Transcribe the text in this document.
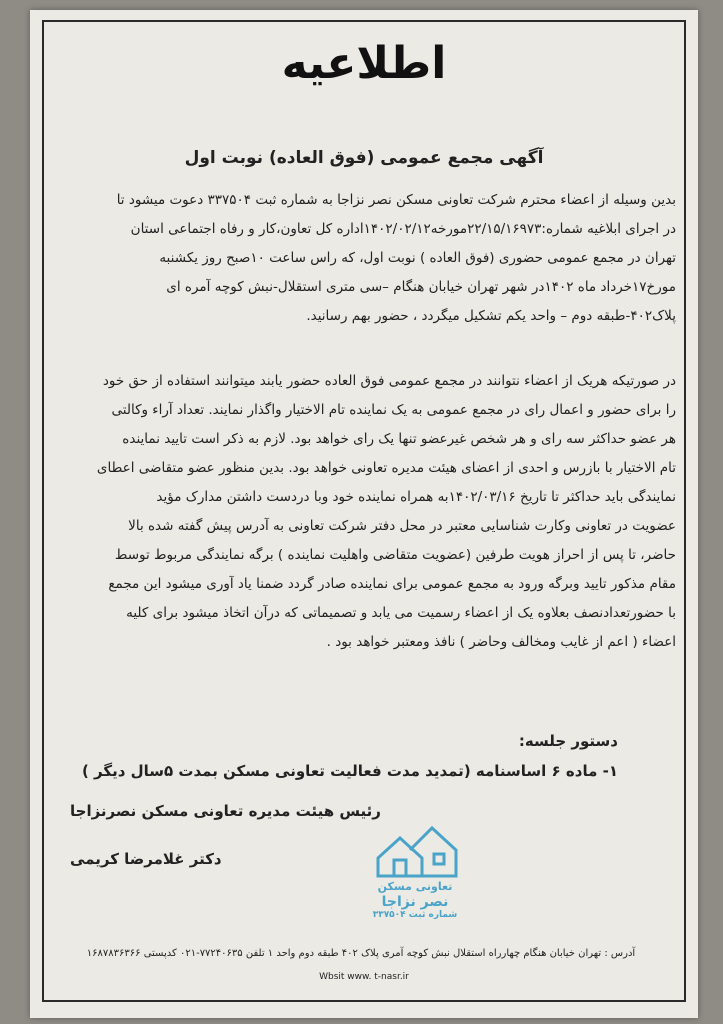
اطلاعیه
آگهی مجمع عمومی (فوق العاده) نوبت اول
بدین وسیله از اعضاء محترم شرکت تعاونی مسکن نصر نزاجا به شماره ثبت ۳۳۷۵۰۴ دعوت میشود تا
در اجرای ابلاغیه شماره:۲۲/۱۵/۱۶۹۷۳مورخه۱۴۰۲/۰۲/۱۲اداره کل تعاون،کار و رفاه اجتماعی استان
تهران در مجمع عمومی حضوری (فوق العاده ) نوبت اول، که راس ساعت ۱۰صبح روز یکشنبه
مورخ۱۷خرداد ماه ۱۴۰۲در شهر تهران خیابان هنگام –سی متری استقلال-نبش کوچه آمره ای
پلاک۴۰۲-طبقه دوم – واحد یکم تشکیل میگردد ، حضور بهم رسانید.
در صورتیکه هریک از اعضاء نتوانند در مجمع عمومی فوق العاده حضور یابند میتوانند استفاده از حق خود
را برای حضور و اعمال رای در مجمع عمومی به یک نماینده تام الاختیار واگذار نمایند. تعداد آراء وکالتی
هر عضو حداکثر سه رای و هر شخص غیرعضو تنها یک رای خواهد بود. لازم به ذکر است تایید نماینده
تام الاختیار با بازرس و احدی از اعضای هیئت مدیره تعاونی خواهد بود. بدین منظور عضو متقاضی اعطای
نمایندگی باید حداکثر تا تاریخ ۱۴۰۲/۰۳/۱۶به همراه نماینده خود وبا دردست داشتن مدارک مؤید
عضویت در تعاونی وکارت شناسایی معتبر در محل دفتر شرکت تعاونی به آدرس پیش گفته شده بالا
حاضر، تا پس از احراز هویت طرفین (عضویت متقاضی واهلیت نماینده ) برگه نمایندگی مربوط توسط
مقام مذکور تایید وبرگه ورود به مجمع عمومی برای نماینده صادر گردد ضمنا یاد آوری میشود این مجمع
با حضورتعدادنصف بعلاوه یک از اعضاء رسمیت می یابد و تصمیماتی که درآن اتخاذ میشود برای کلیه
اعضاء ( اعم از غایب ومخالف وحاضر ) نافذ ومعتبر خواهد بود .
دستور جلسه:
۱- ماده ۶ اساسنامه (تمدید مدت فعالیت تعاونی مسکن بمدت ۵سال دیگر )
رئیس هیئت مدیره تعاونی مسکن نصرنزاجا
دکتر غلامرضا کریمی
تعاونی مسکن
نصر نزاجا
شماره ثبت ۳۳۷۵۰۴
آدرس : تهران خیابان هنگام چهارراه استقلال نبش کوچه آمری پلاک ۴۰۲ طبقه دوم واحد ۱ تلفن ۷۷۲۴۰۶۳۵-۰۲۱ کدپستی ۱۶۸۷۸۳۶۳۶۶
Wbsit www. t-nasr.ir
